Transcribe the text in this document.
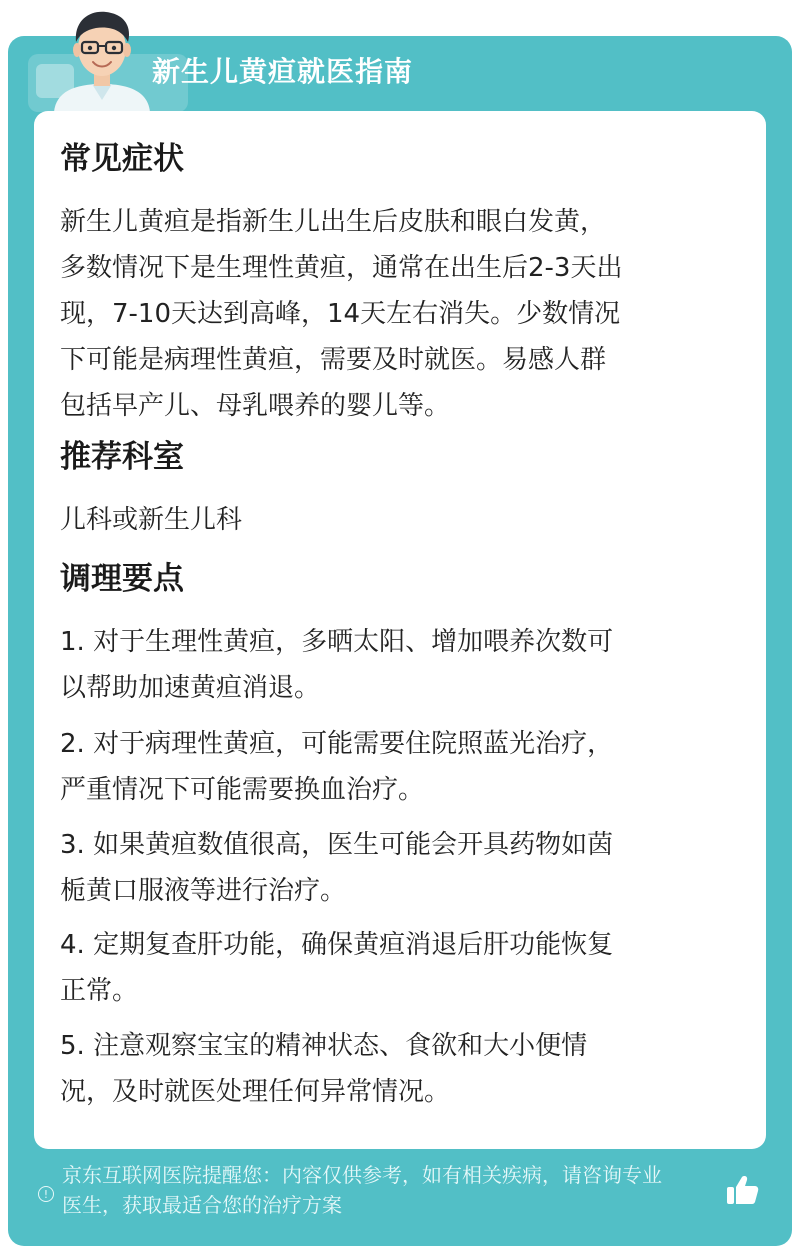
新生儿黄疸就医指南
常见症状
新生儿黄疸是指新生儿出生后皮肤和眼白发黄，
多数情况下是生理性黄疸，通常在出生后2-3天出
现，7-10天达到高峰，14天左右消失。少数情况
下可能是病理性黄疸，需要及时就医。易感人群
包括早产儿、母乳喂养的婴儿等。
推荐科室
儿科或新生儿科
调理要点
1. 对于生理性黄疸，多晒太阳、增加喂养次数可
以帮助加速黄疸消退。
2. 对于病理性黄疸，可能需要住院照蓝光治疗，
严重情况下可能需要换血治疗。
3. 如果黄疸数值很高，医生可能会开具药物如茵
栀黄口服液等进行治疗。
4. 定期复查肝功能，确保黄疸消退后肝功能恢复
正常。
5. 注意观察宝宝的精神状态、食欲和大小便情
况，及时就医处理任何异常情况。
!
京东互联网医院提醒您：内容仅供参考，如有相关疾病，请咨询专业
医生，获取最适合您的治疗方案
